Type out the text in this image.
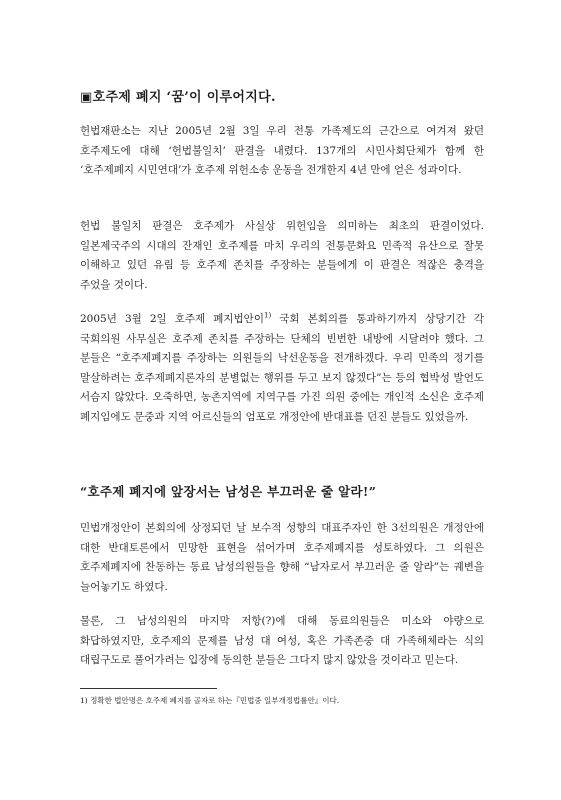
▣호주제 폐지 ‘꿈’이 이루어지다.

헌법재판소는 지난 2005년 2월 3일 우리 전통 가족제도의 근간으로 여겨져 왔던 호주제도에 대해 ‘헌법불일치’ 판결을 내렸다. 137개의 시민사회단체가 함께 한 ‘호주제폐지 시민연대’가 호주제 위헌소송 운동을 전개한지 4년 만에 얻은 성과이다.

헌법 불일치 판결은 호주제가 사실상 위헌임을 의미하는 최초의 판결이었다. 일본제국주의 시대의 잔재인 호주제를 마치 우리의 전통문화요 민족적 유산으로 잘못 이해하고 있던 유림 등 호주제 존치를 주장하는 분들에게 이 판결은 적잖은 충격을 주었을 것이다.

2005년 3월 2일 호주제 폐지법안이$^{1)}$ 국회 본회의를 통과하기까지 상당기간 각 국회의원 사무실은 호주제 존치를 주장하는 단체의 빈번한 내방에 시달려야 했다. 그 분들은 “호주제폐지를 주장하는 의원들의 낙선운동을 전개하겠다. 우리 민족의 정기를 말살하려는 호주제폐지론자의 분별없는 행위를 두고 보지 않겠다”는 등의 협박성 발언도 서슴지 않았다. 오죽하면, 농촌지역에 지역구를 가진 의원 중에는 개인적 소신은 호주제 폐지임에도 문중과 지역 어르신들의 엄포로 개정안에 반대표를 던진 분들도 있었을까.

“호주제 폐지에 앞장서는 남성은 부끄러운 줄 알라!”

민법개정안이 본회의에 상정되던 날 보수적 성향의 대표주자인 한 3선의원은 개정안에 대한 반대토론에서 민망한 표현을 섞어가며 호주제폐지를 성토하였다. 그 의원은 호주제폐지에 찬동하는 동료 남성의원들을 향해 “남자로서 부끄러운 줄 알라”는 궤변을 늘어놓기도 하였다.

물론, 그 남성의원의 마지막 저항(?)에 대해 동료의원들은 미소와 야량으로 화답하였지만, 호주제의 문제를 남성 대 여성, 혹은 가족존중 대 가족해체라는 식의 대립구도로 풀어가려는 입장에 동의한 분들은 그다지 많지 않았을 것이라고 믿는다.

1) 정확한 법안명은 호주제 폐지를 골자로 하는『민법중 일부개정법률안』이다.
